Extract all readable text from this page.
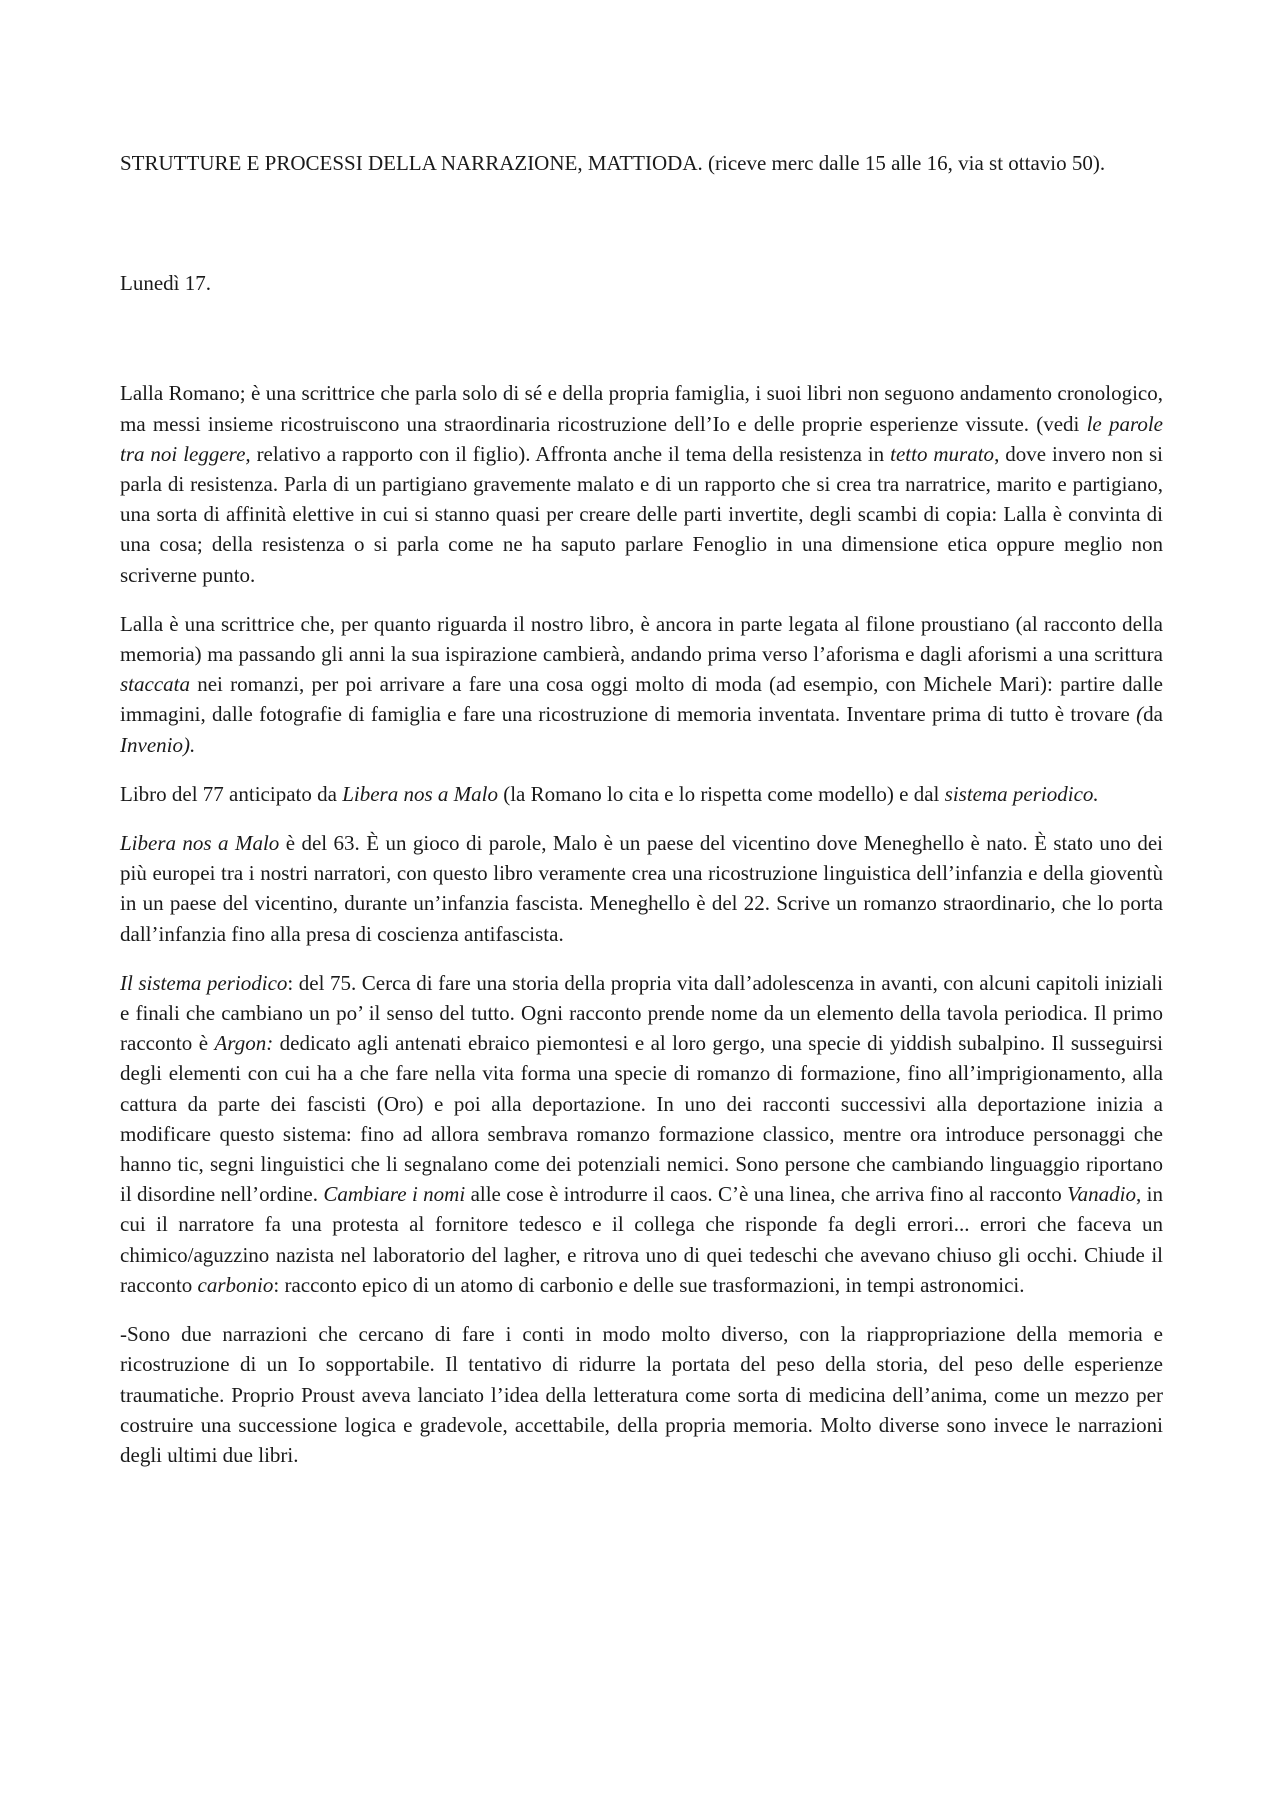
STRUTTURE E PROCESSI DELLA NARRAZIONE, MATTIODA. (riceve merc dalle 15 alle 16, via st ottavio 50).

Lunedì 17.

Lalla Romano; è una scrittrice che parla solo di sé e della propria famiglia, i suoi libri non seguono andamento cronologico, ma messi insieme ricostruiscono una straordinaria ricostruzione dell’Io e delle proprie esperienze vissute. (vedi le parole tra noi leggere, relativo a rapporto con il figlio). Affronta anche il tema della resistenza in tetto murato, dove invero non si parla di resistenza. Parla di un partigiano gravemente malato e di un rapporto che si crea tra narratrice, marito e partigiano, una sorta di affinità elettive in cui si stanno quasi per creare delle parti invertite, degli scambi di copia: Lalla è convinta di una cosa; della resistenza o si parla come ne ha saputo parlare Fenoglio in una dimensione etica oppure meglio non scriverne punto.

Lalla è una scrittrice che, per quanto riguarda il nostro libro, è ancora in parte legata al filone proustiano (al racconto della memoria) ma passando gli anni la sua ispirazione cambierà, andando prima verso l’aforisma e dagli aforismi a una scrittura staccata nei romanzi, per poi arrivare a fare una cosa oggi molto di moda (ad esempio, con Michele Mari): partire dalle immagini, dalle fotografie di famiglia e fare una ricostruzione di memoria inventata. Inventare prima di tutto è trovare (da Invenio).

Libro del 77 anticipato da Libera nos a Malo (la Romano lo cita e lo rispetta come modello) e dal sistema periodico.

Libera nos a Malo è del 63. È un gioco di parole, Malo è un paese del vicentino dove Meneghello è nato. È stato uno dei più europei tra i nostri narratori, con questo libro veramente crea una ricostruzione linguistica dell’infanzia e della gioventù in un paese del vicentino, durante un’infanzia fascista. Meneghello è del 22. Scrive un romanzo straordinario, che lo porta dall’infanzia fino alla presa di coscienza antifascista.

Il sistema periodico: del 75. Cerca di fare una storia della propria vita dall’adolescenza in avanti, con alcuni capitoli iniziali e finali che cambiano un po’ il senso del tutto. Ogni racconto prende nome da un elemento della tavola periodica. Il primo racconto è Argon: dedicato agli antenati ebraico piemontesi e al loro gergo, una specie di yiddish subalpino. Il susseguirsi degli elementi con cui ha a che fare nella vita forma una specie di romanzo di formazione, fino all’imprigionamento, alla cattura da parte dei fascisti (Oro) e poi alla deportazione. In uno dei racconti successivi alla deportazione inizia a modificare questo sistema: fino ad allora sembrava romanzo formazione classico, mentre ora introduce personaggi che hanno tic, segni linguistici che li segnalano come dei potenziali nemici. Sono persone che cambiando linguaggio riportano il disordine nell’ordine. Cambiare i nomi alle cose è introdurre il caos. C’è una linea, che arriva fino al racconto Vanadio, in cui il narratore fa una protesta al fornitore tedesco e il collega che risponde fa degli errori... errori che faceva un chimico/aguzzino nazista nel laboratorio del lagher, e ritrova uno di quei tedeschi che avevano chiuso gli occhi. Chiude il racconto carbonio: racconto epico di un atomo di carbonio e delle sue trasformazioni, in tempi astronomici.

-Sono due narrazioni che cercano di fare i conti in modo molto diverso, con la riappropriazione della memoria e ricostruzione di un Io sopportabile. Il tentativo di ridurre la portata del peso della storia, del peso delle esperienze traumatiche. Proprio Proust aveva lanciato l’idea della letteratura come sorta di medicina dell’anima, come un mezzo per costruire una successione logica e gradevole, accettabile, della propria memoria. Molto diverse sono invece le narrazioni degli ultimi due libri.
